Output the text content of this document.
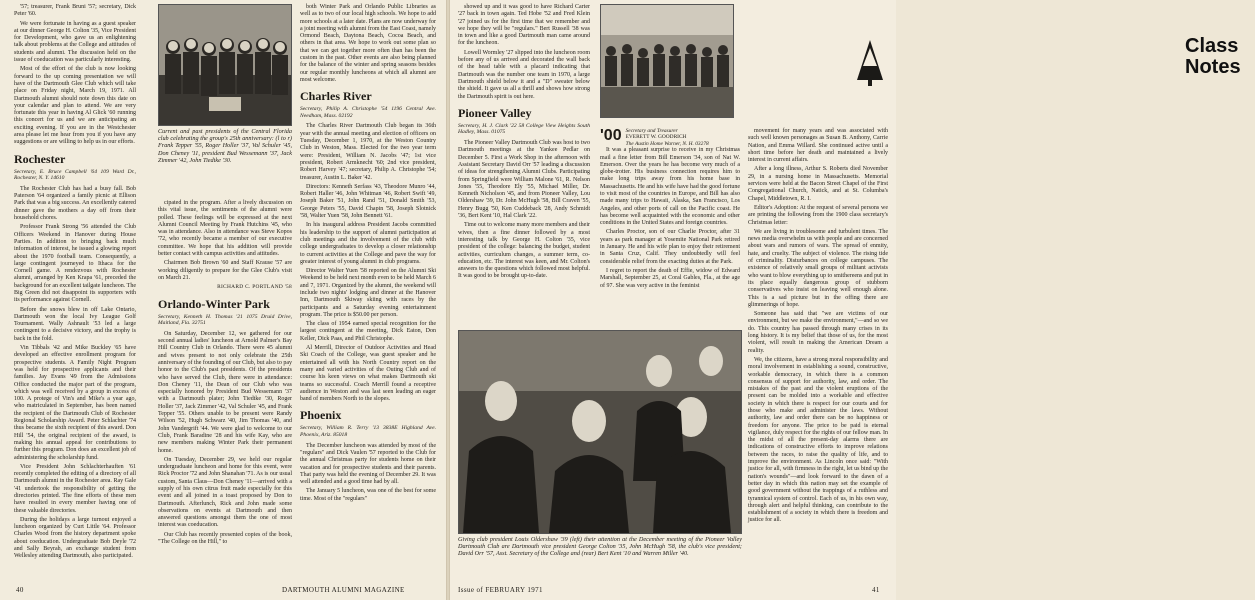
'57; treasurer, Frank Bruni '57; secretary, Dick Peter '60.

We were fortunate in having as a guest speaker at our dinner George H. Colton '35, Vice President for Development, who gave us an enlightening talk about problems at the College and attitudes of students and alumni. The discussion held on the issue of coeducation was particularly interesting.

Most of the effort of the club is now looking forward to the up coming presentation we will have of the Dartmouth Glee Club which will take place on Friday night, March 19, 1971. All Dartmouth alumni should note down this date on your calendar and plan to attend. We are very fortunate this year in having Al Glick '60 running this concert for us and we are anticipating an exciting evening. If you are in the Westchester area please let me hear from you if you have any suggestions or are willing to help us in our efforts.

Rochester
Secretary, E. Bruce Campbell '64 109 Ward Dr., Rochester, N. Y. 14610

The Rochester Club has had a busy fall. Bob Paterson '64 organized a family picnic at Ellison Park that was a big success. An excellently catered dinner gave the mothers a day off from their household chores.

Professor Frank Strong '56 attended the Club Officers Weekend in Hanover during House Parties. In addition to bringing back much information of interest, he issued a glowing report about the 1970 football team. Consequently, a large contingent journeyed to Ithaca for the Cornell game. A rendezvous with Rochester alumni, arranged by Ken Krapa '61, preceded the background for an excellent tailgate luncheon. The Big Green did not disappoint its supporters with its performance against Cornell.

Before the snows blew in off Lake Ontario, Dartmouth won the local Ivy League Golf Tournament. Wally Ashnault '53 led a large contingent to a decisive victory, and the trophy is back in the fold.

Vin Tibbals '42 and Mike Buckley '65 have developed an effective enrollment program for prospective students. A Family Night Program was held for prospective applicants and their families. Jay Evans '49 from the Admissions Office conducted the major part of the program, which was well received by a group in excess of 100. A protege of Vin's and Mike's a year ago, who matriculated in September, has been named the recipient of the Dartmouth Club of Rochester Regional Scholarship Award. Peter Schlachter '74 thus became the sixth recipient of this award. Don Hill '54, the original recipient of the award, is making his annual appeal for contributions to further this program. Don does an excellent job of administering the scholarship fund.

Vice President John Schlachterhauften '61 recently completed the editing of a directory of all Dartmouth alumni in the Rochester area. Ray Gale '41 undertook the responsibility of getting the directories printed. The fine efforts of these men have resulted in every member having one of these valuable directories.

During the holidays a large turnout enjoyed a luncheon organized by Curt Little '64. Professor Charles Wood from the history department spoke about coeducation. Undergraduate Bob Deyle '72 and Sally Beyrah, an exchange student from Wellesley attending Dartmouth, also participated.

Current and past presidents of the Central Florida club celebrating the group's 25th anniversary: (l to r) Frank Tepper '55, Roger Holler '37, Val Schuler '45, Don Cheney '11, president Bud Wessemann '37, Jack Zimmer '42, John Tiedtke '30.

cipated in the program. After a lively discussion on this vital issue, the sentiments of the alumni were polled. These feelings will be expressed at the next Alumni Council Meeting by Frank Hutchins '45, who was in attendance. Also in attendance was Steve Kopos '72, who recently became a member of our executive committee. We hope that his addition will provide better contact with campus activities and attitudes.

Chairmen Bob Brown '60 and Staff Krause '57 are working diligently to prepare for the Glee Club's visit on March 21.

RICHARD C. PORTLAND '58
Orlando-Winter Park
Secretary, Kenneth H. Thomas '21 1075 Druid Drive, Maitland, Fla. 32751

On Saturday, December 12, we gathered for our second annual ladies' luncheon at Arnold Palmer's Bay Hill Country Club in Orlando. There were 45 alumni and wives present to not only celebrate the 25th anniversary of the founding of our Club, but also to pay honor to the Club's past presidents. Of the presidents who have served the Club, there were in attendance: Don Cheney '11, the Dean of our Club who was especially honored by President Bud Wessemann '37 with a Dartmouth plater; John Tiedtke '30, Roger Holler '37, Jack Zimmer '42, Val Schuler '45, and Frank Tepper '55. Others unable to be present were Randy Wilson '52, Hugh Schwarz '40, Jim Thomas '40, and John Vandergrift '44. We were glad to welcome to our Club, Frank Baradine '28 and his wife Kay, who are new members making Winter Park their permanent home.

On Tuesday, December 29, we held our regular undergraduate luncheon and home for this event, were Rick Proctor '72 and John Shanahan '71. As is our usual custom, Santa Claus—Don Cheney '11—arrived with a supply of his own citrus fruit made especially for this event and all joined in a toast proposed by Don to Dartmouth. Afterlunch, Rick and John made some observations on events at Dartmouth and then answered questions amongst them the one of most interest was coeducation.

Our Club has recently presented copies of the book, "The College on the Hill," to

both Winter Park and Orlando Public Libraries as well as to two of our local high schools. We hope to add more schools at a later date. Plans are now underway for a joint meeting with alumni from the East Coast, namely Ormond Beach, Daytona Beach, Cocoa Beach, and others in that area. We hope to work out some plan so that we can get together more often than has been the custom in the past. Other events are also being planned for the balance of the winter and spring seasons besides our regular monthly luncheons at which all alumni are most welcome.

Charles River
Secretary, Philip A. Christophe '54 1196 Central Ave. Needham, Mass. 02192

The Charles River Dartmouth Club began its 36th year with the annual meeting and election of officers on Tuesday, December 1, 1970, at the Weston Country Club in Weston, Mass. Elected for the two year term were: President, William N. Jacobs '47; 1st vice president, Robert Armknecht '60; 2nd vice president, Robert Harvey '47; secretary, Philip A. Christophe '54; treasurer, Austin L. Baker '42.

Directors: Kenneth Serfass '43, Theodore Munro '44, Robert Haller '46, John Whitman '46, Robert Swift '49, Joseph Baker '51, John Rand '51, Donald Smith '53, George Peters '55, David Chapin '58, Joseph Slotnick '58, Walter Yuen '58, John Bennett '61.

In his inaugural address President Jacobs committed his leadership to the support of alumni participation at club meetings and the involvement of the club with college undergraduates to develop a closer relationship to current activities at the College and pave the way for greater interest of young alumni in club programs.

Director Walter Yuen '58 reported on the Alumni Ski Weekend to be held next month even to be held March 6 and 7, 1971. Organized by the alumni, the weekend will include two nights' lodging and dinner at the Hanover Inn, Dartmouth Skiway skiing with races by the participants and a Saturday evening entertainment program. The price is $50.00 per person.

The class of 1954 earned special recognition for the largest contingent at the meeting, Dick Eaton, Don Keller, Dick Paas, and Phil Christophe.

Al Merrill, Director of Outdoor Activities and Head Ski Coach of the College, was guest speaker and he entertained all with his North Country report on the many and varied activities of the Outing Club and of course his keen views on what makes Dartmouth ski teams so successful. Coach Merrill found a receptive audience in Weston and was last seen leading an eager band of members North to the slopes.

Phoenix
Secretary, William R. Terry '13 3838E Highland Ave. Phoenix, Ariz. 85018

The December luncheon was attended by most of the "regulars" and Dick Vaulen '57 reported to the Club for the annual Christmas party for students home on their vacation and for prospective students and their parents. That party was held the evening of December 29. It was well attended and a good time had by all.

The January 5 luncheon, was one of the best for some time. Most of the "regulars"

40	DARTMOUTH ALUMNI MAGAZINE

showed up and it was good to have Richard Carter '27 back in town again. Ted Hobe '52 and Fred Klein '27 joined us for the first time that we remember and we hope they will be "regulars." Bert Russell '38 was in town and like a good Dartmouth man came around for the luncheon.

Lowell Wormley '27 slipped into the luncheon room before any of us arrived and decorated the wall back of the head table with a placard indicating that Dartmouth was the number one team in 1970, a large Dartmouth shield below it and a "D" sweater below the shield. It gave us all a thrill and shows how strong the Dartmouth spirit is out here.

Pioneer Valley
Secretary, H. J. Clark '22 58 College View Heights South Hadley, Mass. 01075

The Pioneer Valley Dartmouth Club was host to two Dartmouth meetings at the Yankee Pedlar on December 5. First a Work Shop in the afternoon with Assistant Secretary David Orr '57 leading a discussion of ideas for strengthening Alumni Clubs. Participating from Springfield were William Malone '61, R. Nelson Jones '55, Theodore Ely '55, Michael Miller, Dr. Kenneth Nicholson '45, and from Pioneer Valley, Lou Oldershaw '39, Dr. John McHugh '58, Bill Craven '55, Henry Bugg '50, Ken Cuddeback '28, Andy Schmidt '36, Bert Kent '10, Hal Clark '22.

Time out to welcome many more members and their wives, then a fine dinner followed by a most interesting talk by George H. Colton '35, vice president of the college: balancing the budget, student activities, curriculum changes, a summer term, co-education, etc. The interest was keen, and Mr. Colton's answers to the questions which followed most helpful. It was good to be brought up-to-date.

Class
Notes
'00 Secretary and Treasurer
EVERETT W. GOODRICH
The Austin Home Warner, N. H. 03278

It was a pleasant surprise to receive in my Christmas mail a fine letter from Bill Emerson '34, son of Nat W. Emerson. Over the years he has become very much of a globe-trotter. His business connection requires him to make long trips away from his home base in Massachusetts. He and his wife have had the good fortune to visit most of the countries in Europe, and Bill has also made many trips to Hawaii, Alaska, San Francisco, Los Angeles, and other ports of call on the Pacific coast. He has become well acquainted with the economic and other conditions in the United States and foreign countries.

Charles Proctor, son of our Charlie Proctor, after 31 years as park manager at Yosemite National Park retired in January. He and his wife plan to enjoy their retirement in Santa Cruz, Calif. They undoubtedly will feel considerable relief from the exacting duties at the Park.

I regret to report the death of Effie, widow of Edward Marshall, September 25, at Coral Gables, Fla., at the age of 97. She was very active in the feminist

movement for many years and was associated with such well known personages as Susan B. Anthony, Carrie Nation, and Emma Willard. She continued active until a short time before her death and maintained a lively interest in current affairs.

After a long illness, Arthur S. Roberts died November 29, in a nursing home in Massachusetts. Memorial services were held at the Bacon Street Chapel of the First Congregational Church, Natick, and at St. Columba's Chapel, Middletown, R. I.

Editor's Adoption: At the request of several persons we are printing the following from the 1900 class secretary's Christmas letter:

We are living in troublesome and turbulent times. The news media overwhelm us with people and are concerned about wars and rumors of wars. The spread of enmity, hate, and cruelty. The subject of violence. The rising tide of criminality. Disturbances on college campuses. The existence of relatively small groups of militant activists who want to blow everything up to smithereens and put in its place equally dangerous group of stubborn conservatives who insist on leaving well enough alone. This is a sad picture but in the offing there are glimmerings of hope.

Someone has said that "we are victims of our environment, but we make the environment,"—and so we do. This country has passed through many crises in its long history. It is my belief that those of us, for the most violent, will result in making the American Dream a reality.

We, the citizens, have a strong moral responsibility and moral involvement in establishing a sound, constructive, workable democracy, in which there is a common consensus of support for authority, law, and order. The mistakes of the past and the violent eruptions of the present can be molded into a workable and effective society in which there is respect for our courts and for those who make and administer the laws. Without authority, law and order there can be no happiness or freedom for anyone. The price to be paid is eternal vigilance, duly respect for the rights of our fellow man. In the midst of all the present-day alarms there are indications of constructive efforts to improve relations between the races, to raise the quality of life, and to improve the environment. As Lincoln once said: "With justice for all, with firmness in the right, let us bind up the nation's wounds"—and look forward to the dawn of a better day in which this nation may set the example of good government without the trappings of a ruthless and tyrannical system of control. Each of us, in his own way, through alert and helpful thinking, can contribute to the establishment of a society in which there is freedom and justice for all.

Giving club president Louis Oldershaw '39 (left) their attention at the December meeting of the Pioneer Valley Dartmouth Club are Dartmouth vice president George Colton '35, John McHugh '58, the club's vice president; David Orr '57, Asst. Secretary of the College and (rear) Bert Kent '10 and Warren Miller '40.
Issue of FEBRUARY 1971	41
